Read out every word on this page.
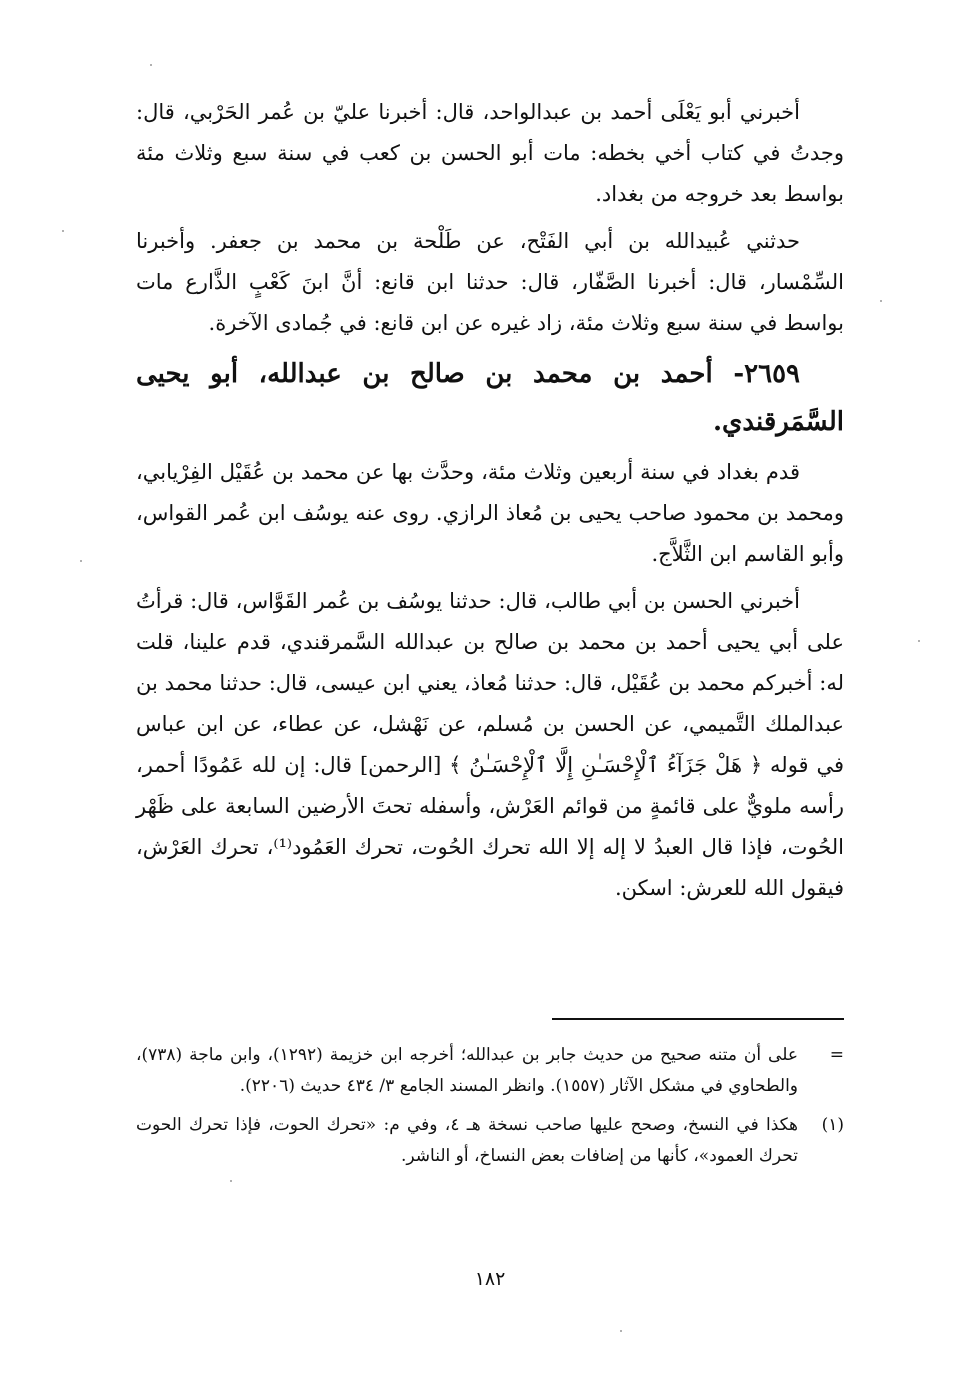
أخبرني أبو يَعْلَى أحمد بن عبدالواحد، قال: أخبرنا عليّ بن عُمر الحَرْبي، قال: وجدتُ في كتاب أخي بخطه: مات أبو الحسن بن كعب في سنة سبع وثلاث مئة بواسط بعد خروجه من بغداد.

حدثني عُبيدالله بن أبي الفَتْح، عن طَلْحة بن محمد بن جعفر. وأخبرنا السِّمْسار، قال: أخبرنا الصَّفّار، قال: حدثنا ابن قانع: أنَّ ابنَ كَعْبٍ الذَّارع مات بواسط في سنة سبع وثلاث مئة، زاد غيره عن ابن قانع: في جُمادى الآخرة.

٢٦٥٩- أحمد بن محمد بن صالح بن عبدالله، أبو يحيى السَّمَرقندي.

قدم بغداد في سنة أربعين وثلاث مئة، وحدَّث بها عن محمد بن عُقَيْل الفِرْيابي، ومحمد بن محمود صاحب يحيى بن مُعاذ الرازي. روى عنه يوسُف ابن عُمر القواس، وأبو القاسم ابن الثَّلاَّج.

أخبرني الحسن بن أبي طالب، قال: حدثنا يوسُف بن عُمر القَوَّاس، قال: قرأتُ على أبي يحيى أحمد بن محمد بن صالح بن عبدالله السَّمرقندي، قدم علينا، قلت له: أخبركم محمد بن عُقَيْل، قال: حدثنا مُعاذ، يعني ابن عيسى، قال: حدثنا محمد بن عبدالملك التَّميمي، عن الحسن بن مُسلم، عن نَهْشل، عن عطاء، عن ابن عباس في قوله ﴿ هَلْ جَزَآءُ ٱلْإِحْسَـٰنِ إِلَّا ٱلْإِحْسَـٰنُ ﴾ [الرحمن] قال: إن لله عَمُودًا أحمر، رأسه ملويٌّ على قائمةٍ من قوائم العَرْش، وأسفله تحتَ الأرضين السابعة على ظَهْر الحُوت، فإذا قال العبدُ لا إله إلا الله تحرك الحُوت، تحرك العَمُود⁽¹⁾، تحرك العَرْش، فيقول الله للعرش: اسكن.

=
على أن متنه صحيح من حديث جابر بن عبدالله؛ أخرجه ابن خزيمة (١٢٩٢)، وابن ماجة (٧٣٨)، والطحاوي في مشكل الآثار (١٥٥٧). وانظر المسند الجامع ٣/ ٤٣٤ حديث (٢٢٠٦).
(١)
هكذا في النسخ، وصحح عليها صاحب نسخة هـ ٤، وفي م: «تحرك الحوت، فإذا تحرك الحوت تحرك العمود»، كأنها من إضافات بعض النساخ، أو الناشر.
١٨٢
